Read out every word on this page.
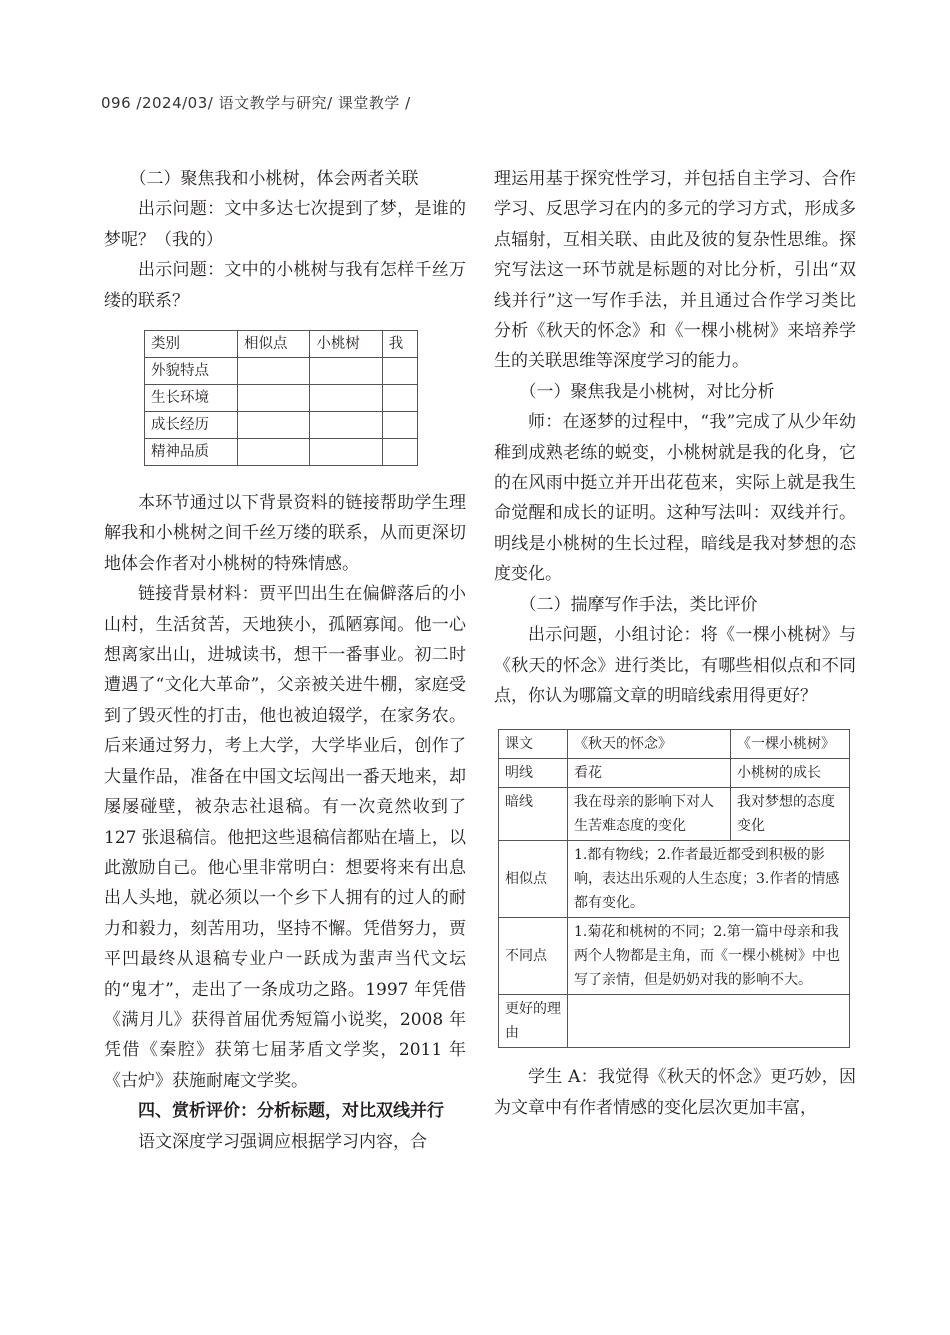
096 /2024/03/ 语文教学与研究/ 课堂教学 /

（二）聚焦我和小桃树，体会两者关联

出示问题：文中多达七次提到了梦，是谁的梦呢？（我的）

出示问题：文中的小桃树与我有怎样千丝万缕的联系？

类别	相似点	小桃树	我
外貌特点			
生长环境			
成长经历			
精神品质			

本环节通过以下背景资料的链接帮助学生理解我和小桃树之间千丝万缕的联系，从而更深切地体会作者对小桃树的特殊情感。

链接背景材料：贾平凹出生在偏僻落后的小山村，生活贫苦，天地狭小，孤陋寡闻。他一心想离家出山，进城读书，想干一番事业。初二时遭遇了“文化大革命”，父亲被关进牛棚，家庭受到了毁灭性的打击，他也被迫辍学，在家务农。后来通过努力，考上大学，大学毕业后，创作了大量作品，准备在中国文坛闯出一番天地来，却屡屡碰壁，被杂志社退稿。有一次竟然收到了 127 张退稿信。他把这些退稿信都贴在墙上，以此激励自己。他心里非常明白：想要将来有出息出人头地，就必须以一个乡下人拥有的过人的耐力和毅力，刻苦用功，坚持不懈。凭借努力，贾平凹最终从退稿专业户一跃成为蜚声当代文坛的“鬼才”，走出了一条成功之路。1997 年凭借《满月儿》获得首届优秀短篇小说奖，2008 年凭借《秦腔》获第七届茅盾文学奖，2011 年《古炉》获施耐庵文学奖。

四、赏析评价：分析标题，对比双线并行

语文深度学习强调应根据学习内容，合

理运用基于探究性学习，并包括自主学习、合作学习、反思学习在内的多元的学习方式，形成多点辐射，互相关联、由此及彼的复杂性思维。探究写法这一环节就是标题的对比分析，引出“双线并行”这一写作手法，并且通过合作学习类比分析《秋天的怀念》和《一棵小桃树》来培养学生的关联思维等深度学习的能力。

（一）聚焦我是小桃树，对比分析

师：在逐梦的过程中，“我”完成了从少年幼稚到成熟老练的蜕变，小桃树就是我的化身，它的在风雨中挺立并开出花苞来，实际上就是我生命觉醒和成长的证明。这种写法叫：双线并行。明线是小桃树的生长过程，暗线是我对梦想的态度变化。

（二）揣摩写作手法，类比评价

出示问题，小组讨论：将《一棵小桃树》与《秋天的怀念》进行类比，有哪些相似点和不同点，你认为哪篇文章的明暗线索用得更好？

课文	《秋天的怀念》	《一棵小桃树》
明线	看花	小桃树的成长
暗线	我在母亲的影响下对人生苦难态度的变化	我对梦想的态度变化
相似点	1.都有物线；2.作者最近都受到积极的影响，表达出乐观的人生态度；3.作者的情感都有变化。	
不同点	1.菊花和桃树的不同；2.第一篇中母亲和我两个人物都是主角，而《一棵小桃树》中也写了亲情，但是奶奶对我的影响不大。	
更好的理由		

学生 A：我觉得《秋天的怀念》更巧妙，因为文章中有作者情感的变化层次更加丰富，
